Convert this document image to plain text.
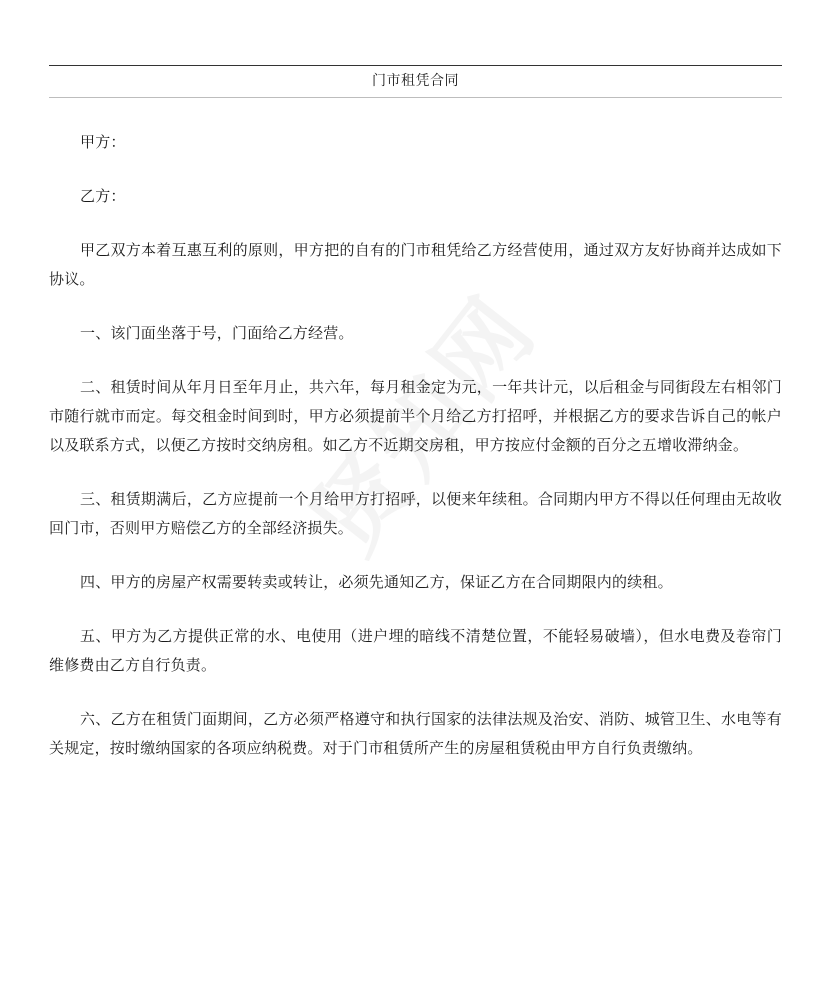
门市租凭合同

甲方：

乙方：

甲乙双方本着互惠互利的原则，甲方把的自有的门市租凭给乙方经营使用，通过双方友好协商并达成如下协议。

一、该门面坐落于号，门面给乙方经营。

二、租赁时间从年月日至年月止，共六年，每月租金定为元，一年共计元，以后租金与同街段左右相邻门市随行就市而定。每交租金时间到时，甲方必须提前半个月给乙方打招呼，并根据乙方的要求告诉自己的帐户以及联系方式，以便乙方按时交纳房租。如乙方不近期交房租，甲方按应付金额的百分之五增收滞纳金。

三、租赁期满后，乙方应提前一个月给甲方打招呼，以便来年续租。合同期内甲方不得以任何理由无故收回门市，否则甲方赔偿乙方的全部经济损失。

四、甲方的房屋产权需要转卖或转让，必须先通知乙方，保证乙方在合同期限内的续租。

五、甲方为乙方提供正常的水、电使用（进户埋的暗线不清楚位置，不能轻易破墙），但水电费及卷帘门维修费由乙方自行负责。

六、乙方在租赁门面期间，乙方必须严格遵守和执行国家的法律法规及治安、消防、城管卫生、水电等有关规定，按时缴纳国家的各项应纳税费。对于门市租赁所产生的房屋租赁税由甲方自行负责缴纳。
